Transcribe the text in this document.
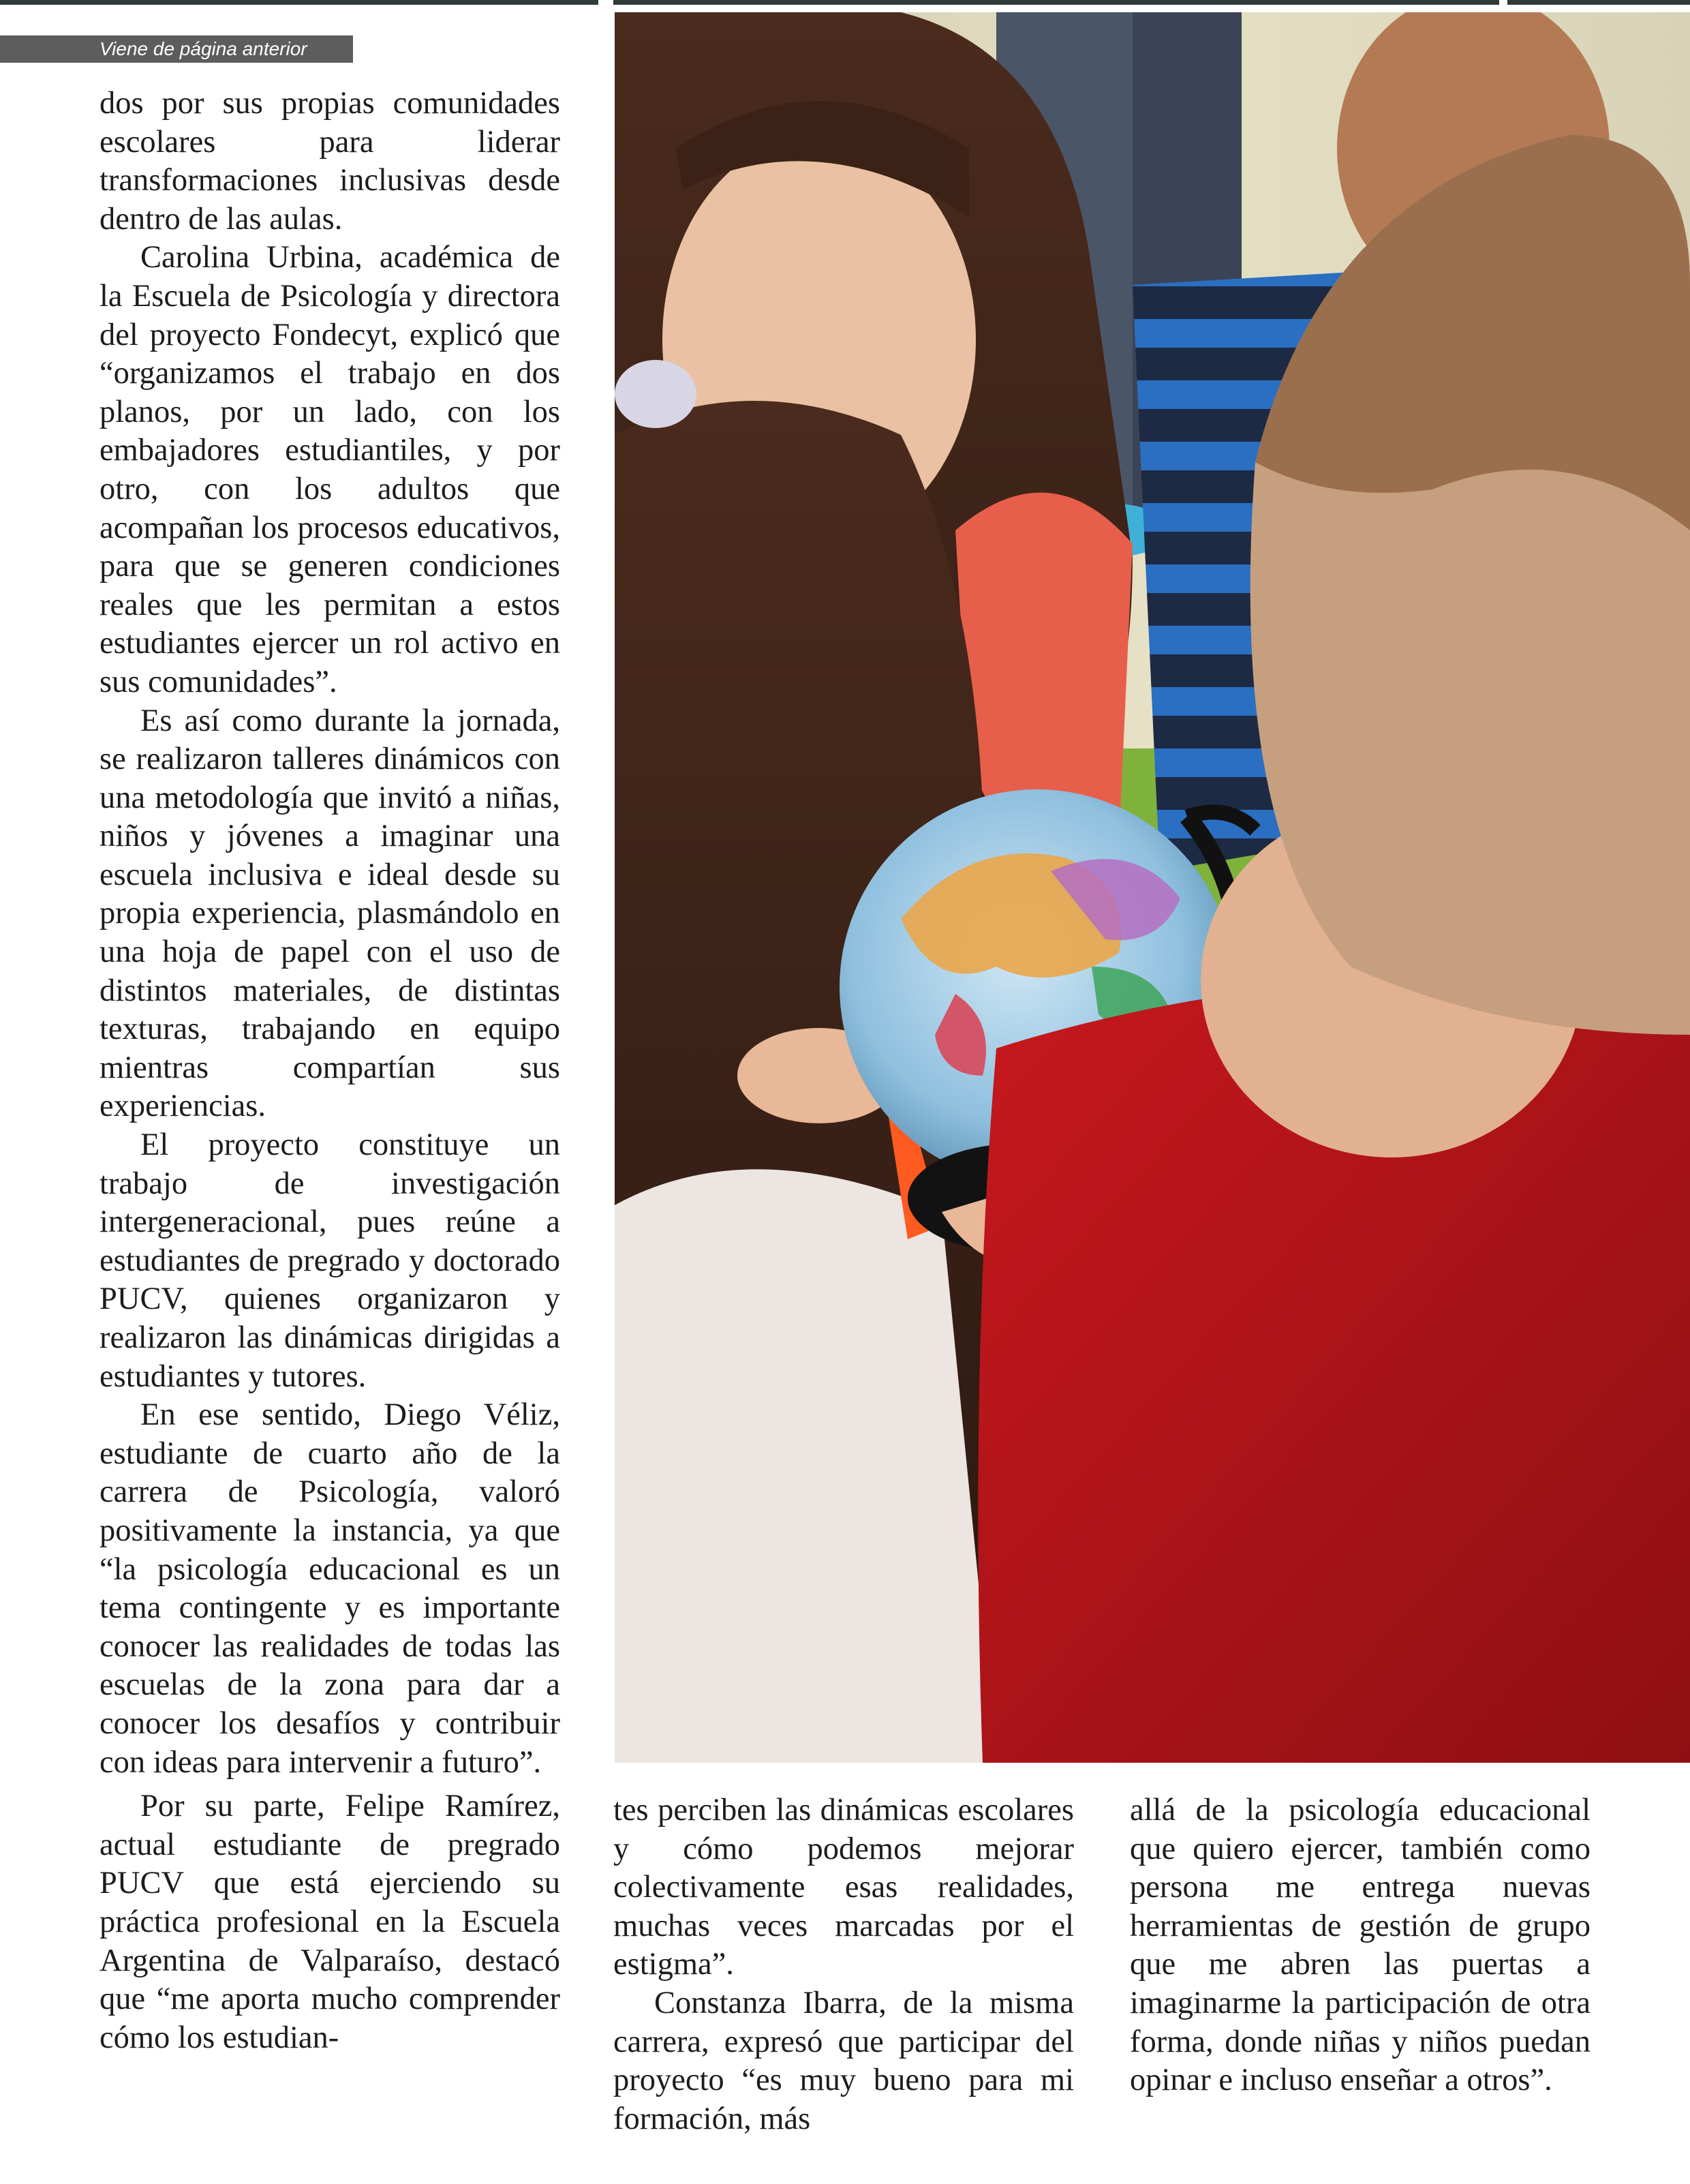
Viene de página anterior

dos por sus propias comunidades escolares para liderar transformaciones inclusivas desde dentro de las aulas.

Carolina Urbina, académica de la Escuela de Psicología y directora del proyecto Fondecyt, explicó que “organizamos el trabajo en dos planos, por un lado, con los embajadores estudiantiles, y por otro, con los adultos que acompañan los procesos educativos, para que se generen condiciones reales que les permitan a estos estudiantes ejercer un rol activo en sus comunidades”.

Es así como durante la jornada, se realizaron talleres dinámicos con una metodología que invitó a niñas, niños y jóvenes a imaginar una escuela inclusiva e ideal desde su propia experiencia, plasmándolo en una hoja de papel con el uso de distintos materiales, de distintas texturas, trabajando en equipo mientras compartían sus experiencias.

El proyecto constituye un trabajo de investigación intergeneracional, pues reúne a estudiantes de pregrado y doctorado PUCV, quienes organizaron y realizaron las dinámicas dirigidas a estudiantes y tutores.

En ese sentido, Diego Véliz, estudiante de cuarto año de la carrera de Psicología, valoró positivamente la instancia, ya que “la psicología educacional es un tema contingente y es importante conocer las realidades de todas las escuelas de la zona para dar a conocer los desafíos y contribuir con ideas para intervenir a futuro”.

Por su parte, Felipe Ramírez, actual estudiante de pregrado PUCV que está ejerciendo su práctica profesional en la Escuela Argentina de Valparaíso, destacó que “me aporta mucho comprender cómo los estudian-

tes perciben las dinámicas escolares y cómo podemos mejorar colectivamente esas realidades, muchas veces marcadas por el estigma”.

Constanza Ibarra, de la misma carrera, expresó que participar del proyecto “es muy bueno para mi formación, más

allá de la psicología educacional que quiero ejercer, también como persona me entrega nuevas herramientas de gestión de grupo que me abren las puertas a imaginarme la participación de otra forma, donde niñas y niños puedan opinar e incluso enseñar a otros”.
